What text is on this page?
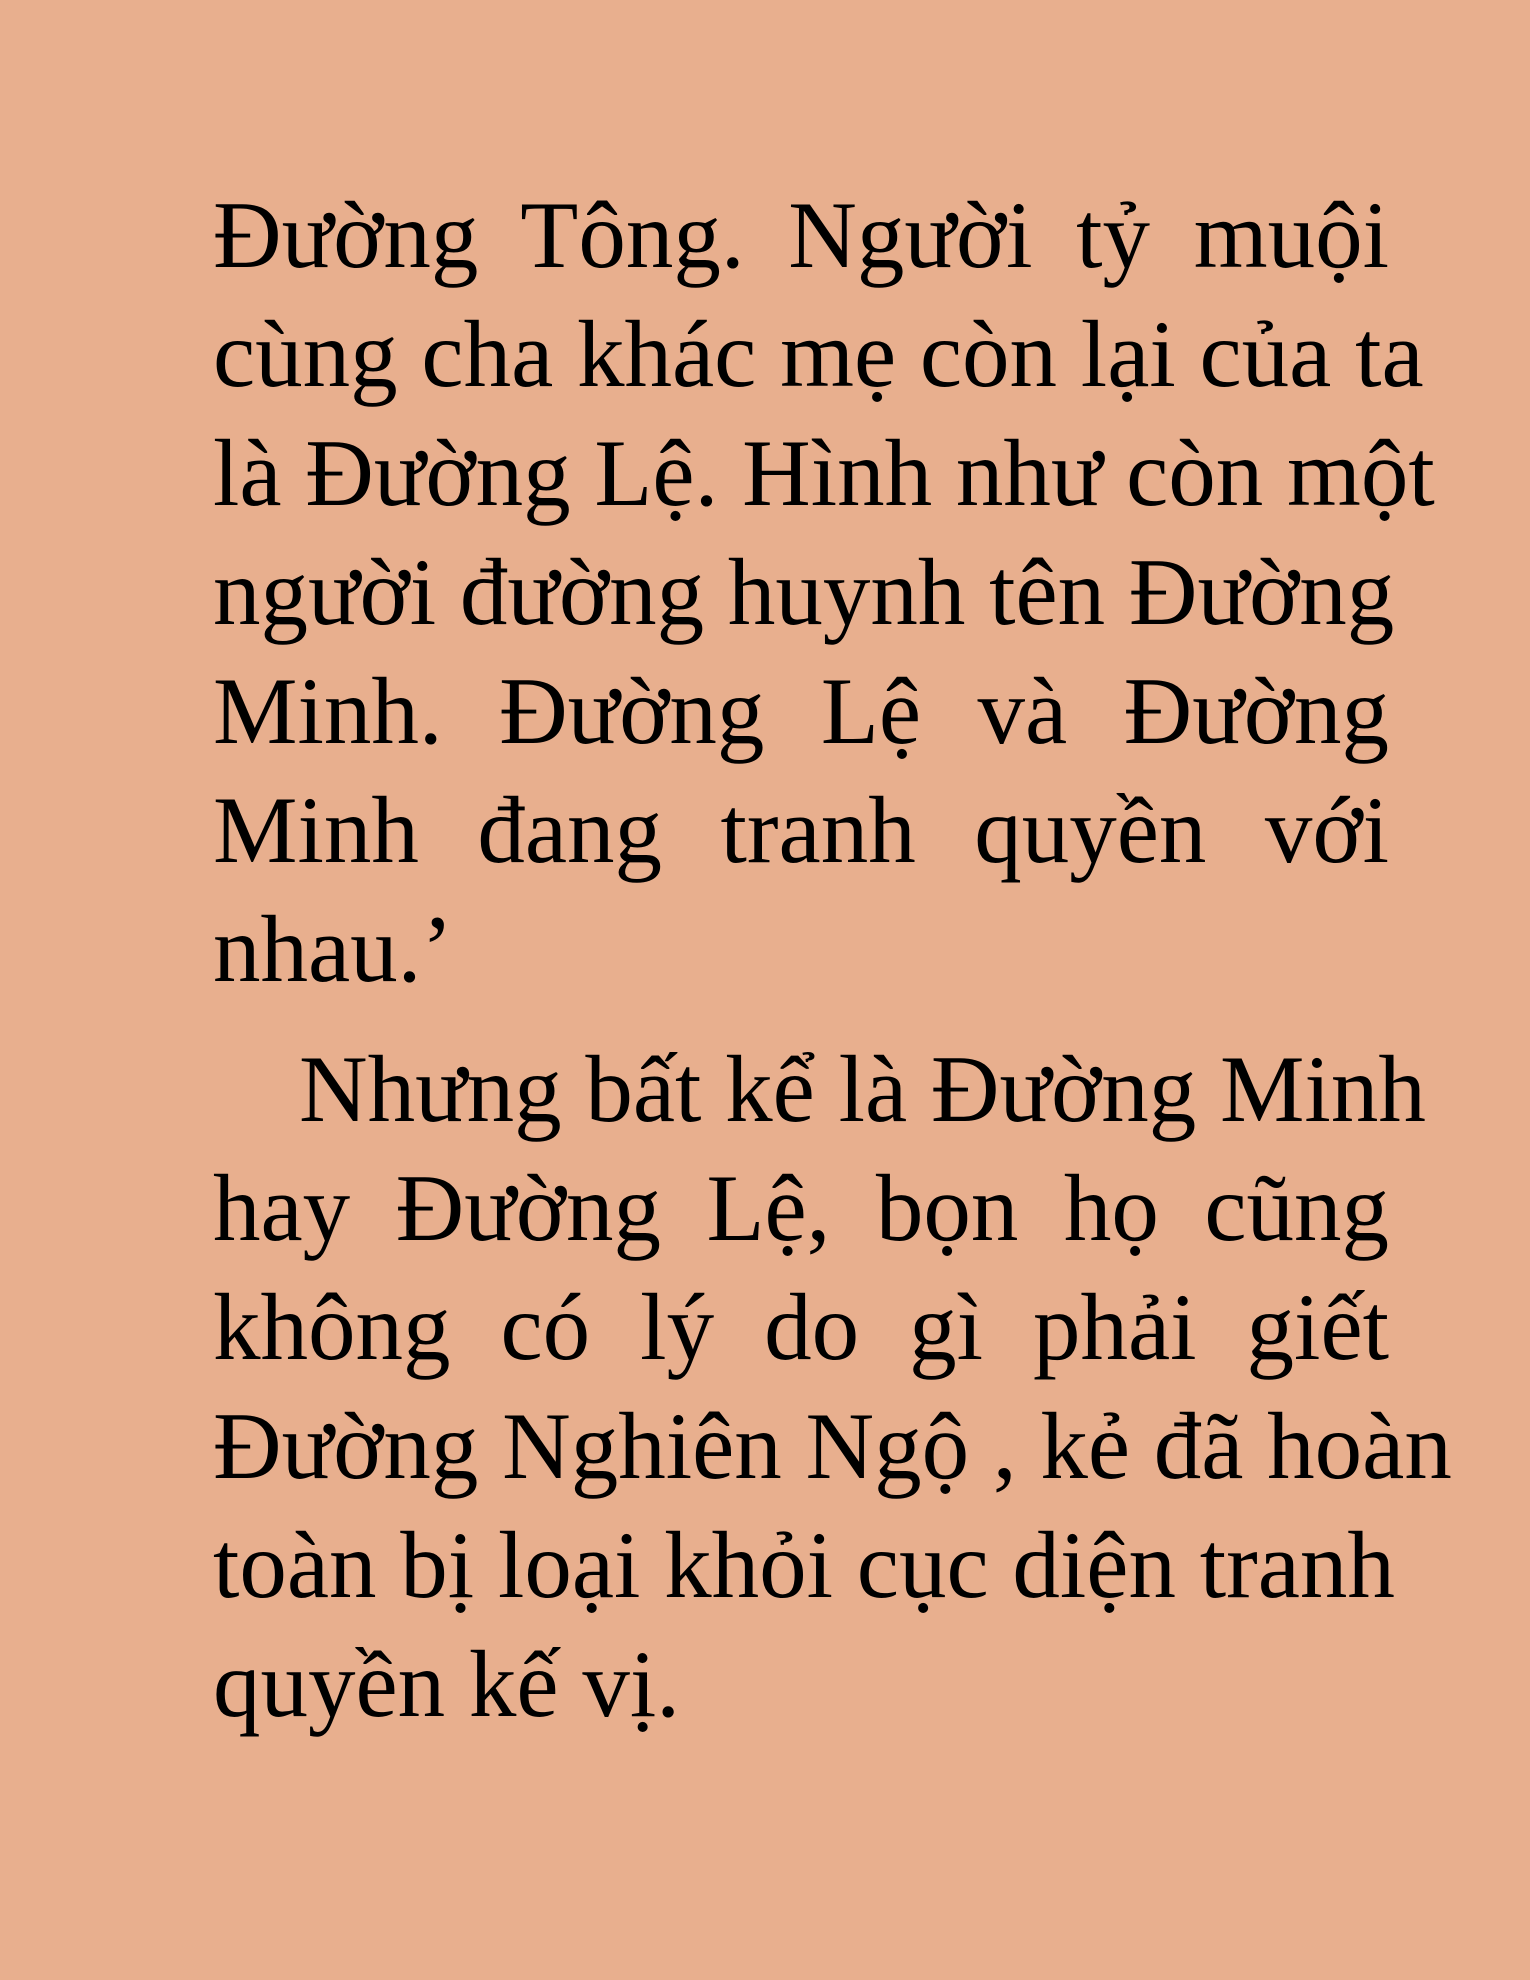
Đường Tông. Người tỷ muội
cùng cha khác mẹ còn lại của ta
là Đường Lệ. Hình như còn một
người đường huynh tên Đường
Minh. Đường Lệ và Đường
Minh đang tranh quyền với
nhau.’
Nhưng bất kể là Đường Minh
hay Đường Lệ, bọn họ cũng
không có lý do gì phải giết
Đường Nghiên Ngộ , kẻ đã hoàn
toàn bị loại khỏi cục diện tranh
quyền kế vị.
